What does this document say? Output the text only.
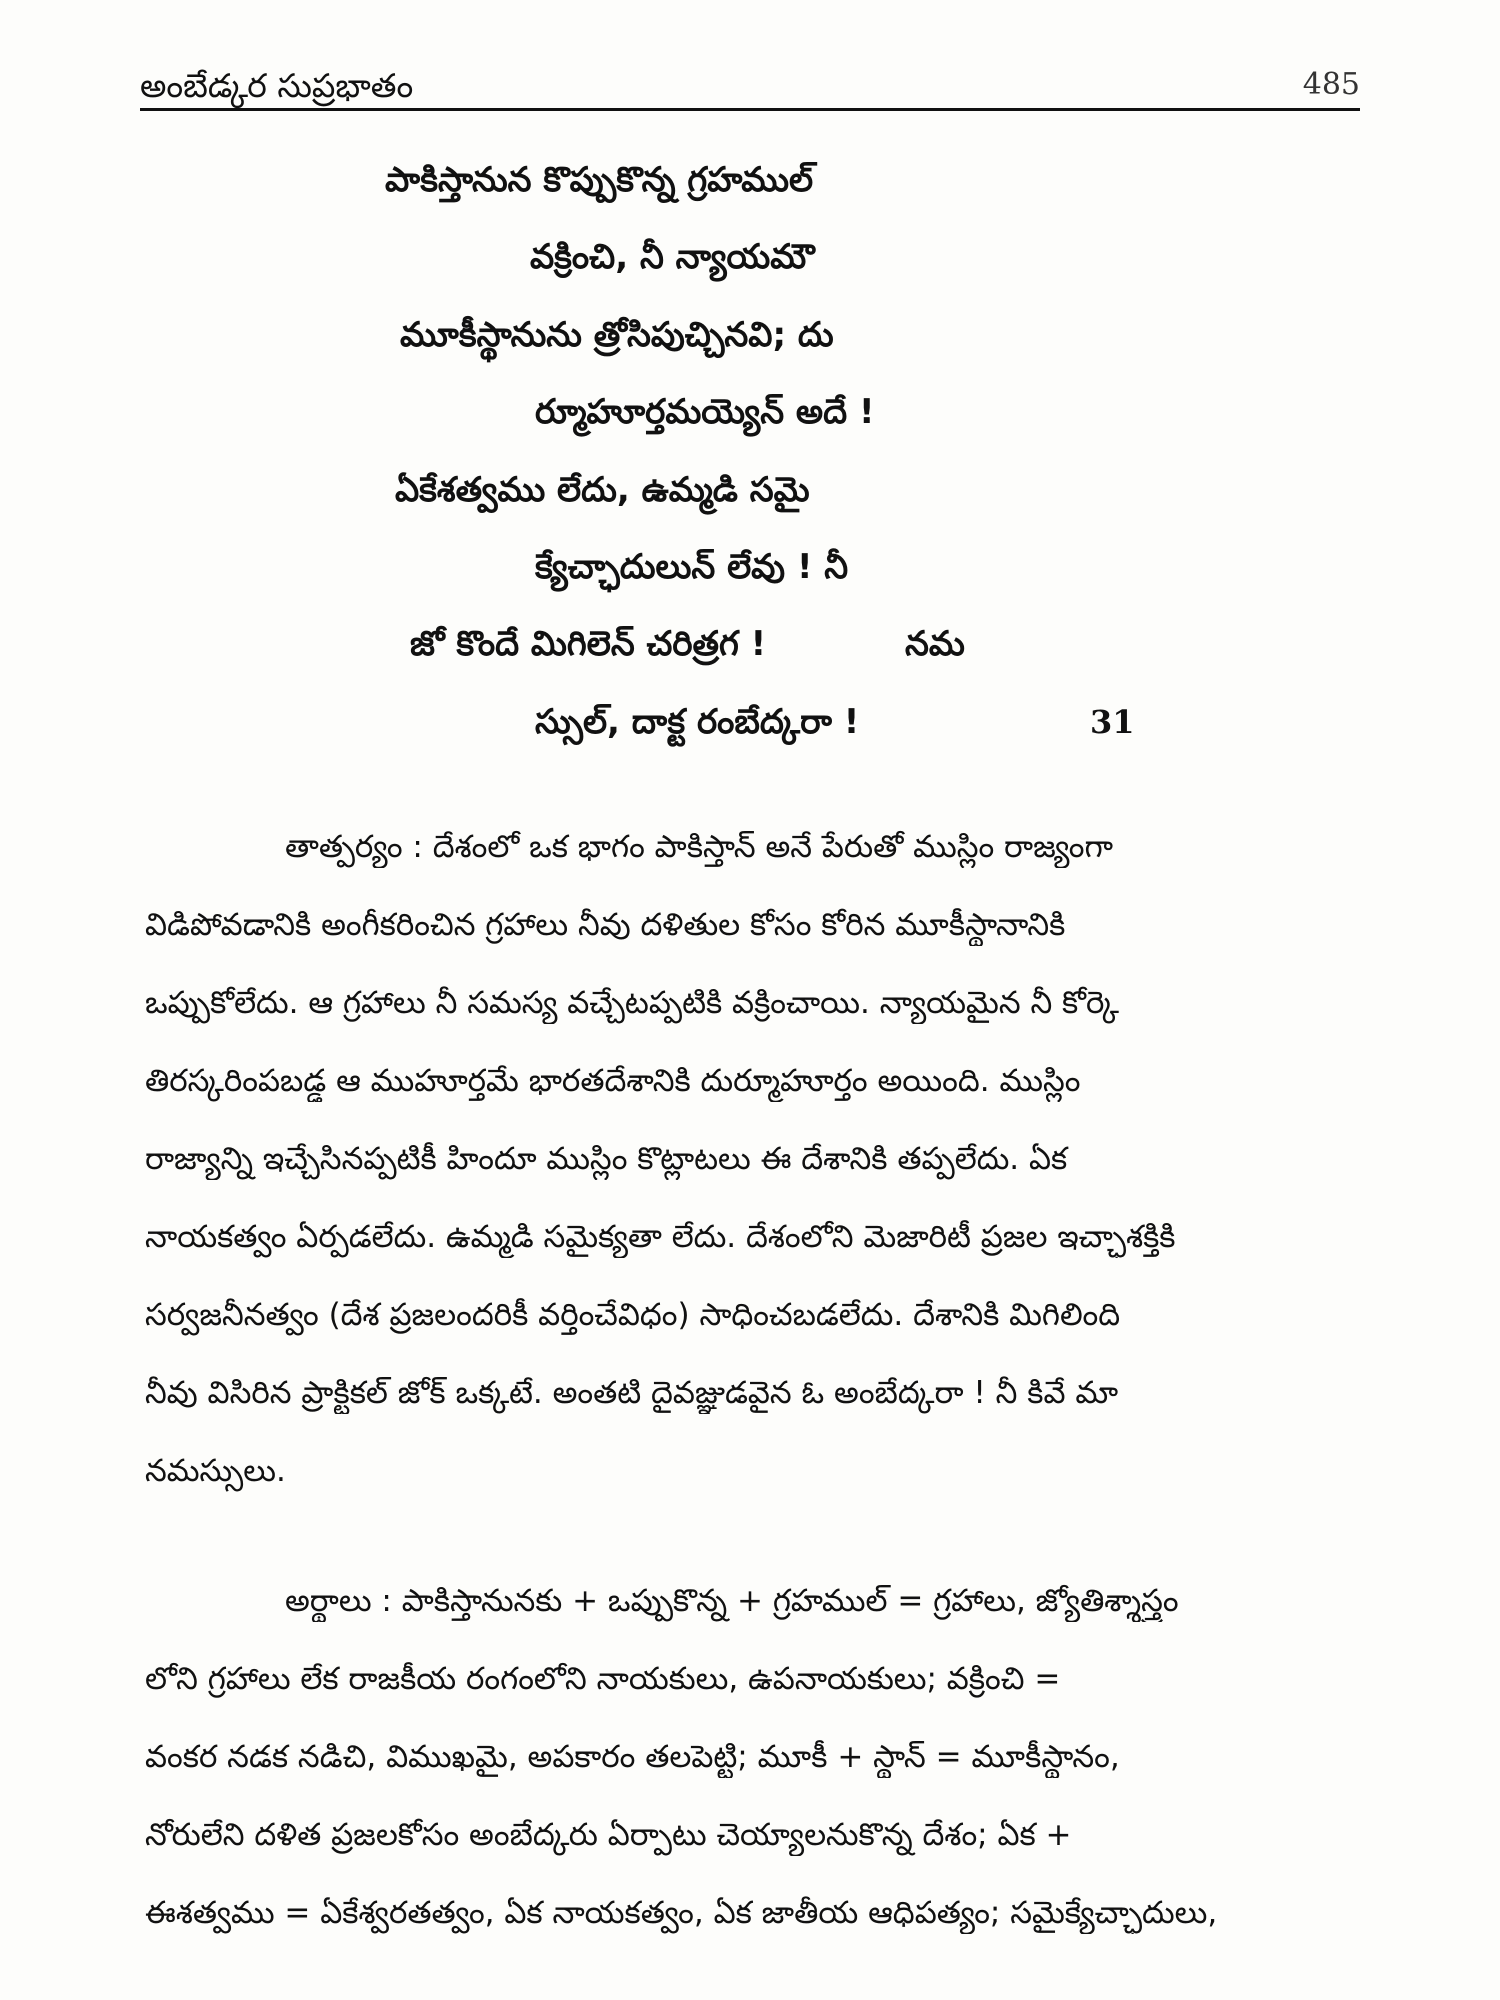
అంబేడ్కర సుప్రభాతం	485
పాకిస్తానున కొప్పుకొన్న గ్రహముల్
వక్రించి, నీ న్యాయమౌ
మూకీస్థానును త్రోసిపుచ్చినవి; దు
ర్మూహూర్తమయ్యెన్ అదే !
ఏకేశత్వము లేదు, ఉమ్మడి సమై
క్యేచ్ఛాదులున్ లేవు ! నీ
జో కొందే మిగిలెన్ చరిత్రగ !	నమ
స్సుల్, దాక్ట రంబేద్కరా !	31
తాత్పర్యం : దేశంలో ఒక భాగం పాకిస్తాన్ అనే పేరుతో ముస్లిం రాజ్యంగా
విడిపోవడానికి అంగీకరించిన గ్రహాలు నీవు దళితుల కోసం కోరిన మూకీస్థానానికి
ఒప్పుకోలేదు. ఆ గ్రహాలు నీ సమస్య వచ్చేటప్పటికి వక్రించాయి. న్యాయమైన నీ కోర్కె
తిరస్కరింపబడ్డ ఆ ముహూర్తమే భారతదేశానికి దుర్మూహూర్తం అయింది. ముస్లిం
రాజ్యాన్ని ఇచ్చేసినప్పటికీ హిందూ ముస్లిం కొట్లాటలు ఈ దేశానికి తప్పలేదు. ఏక
నాయకత్వం ఏర్పడలేదు. ఉమ్మడి సమైక్యతా లేదు. దేశంలోని మెజారిటీ ప్రజల ఇచ్ఛాశక్తికి
సర్వజనీనత్వం (దేశ ప్రజలందరికీ వర్తించేవిధం) సాధించబడలేదు. దేశానికి మిగిలింది
నీవు విసిరిన ప్రాక్టికల్ జోక్ ఒక్కటే. అంతటి దైవజ్ఞుడవైన ఓ అంబేద్కరా ! నీ కివే మా
నమస్సులు.
అర్థాలు : పాకిస్తానునకు + ఒప్పుకొన్న + గ్రహముల్ = గ్రహాలు, జ్యోతిశ్శాస్త్రం
లోని గ్రహాలు లేక రాజకీయ రంగంలోని నాయకులు, ఉపనాయకులు; వక్రించి =
వంకర నడక నడిచి, విముఖమై, అపకారం తలపెట్టి; మూకీ + స్థాన్ = మూకీస్థానం,
నోరులేని దళిత ప్రజలకోసం అంబేద్కరు ఏర్పాటు చెయ్యాలనుకొన్న దేశం; ఏక +
ఈశత్వము = ఏకేశ్వరతత్వం, ఏక నాయకత్వం, ఏక జాతీయ ఆధిపత్యం; సమైక్యేచ్ఛాదులు,
